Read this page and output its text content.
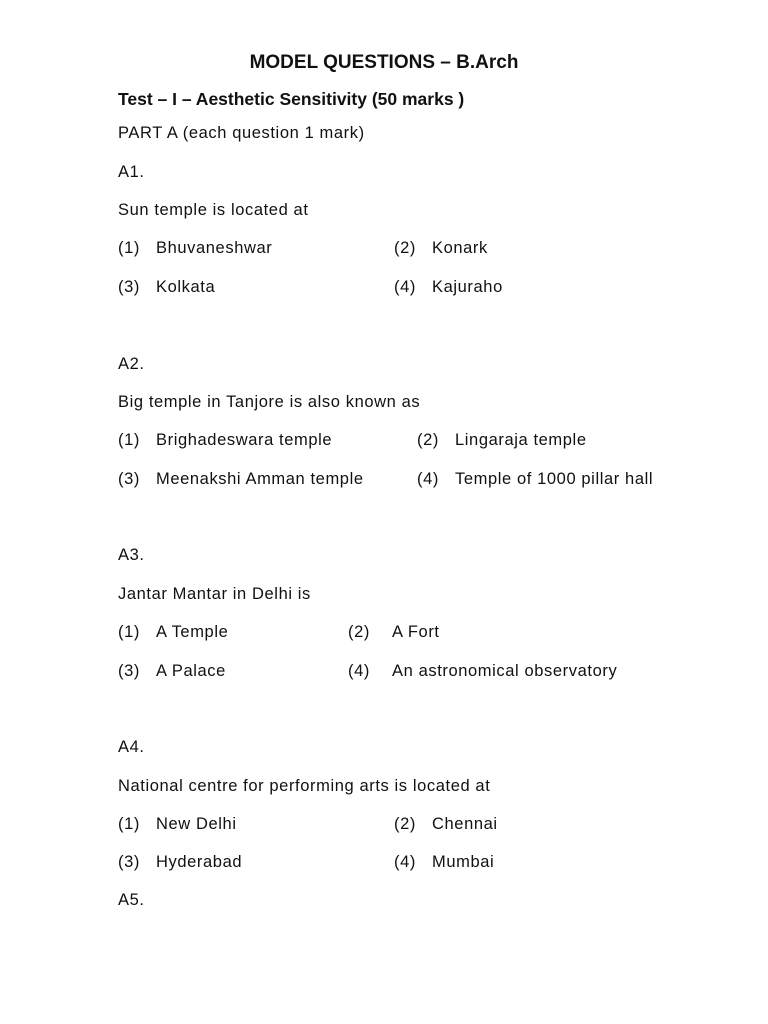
MODEL QUESTIONS – B.Arch
Test – I – Aesthetic Sensitivity (50 marks )
PART A (each question 1 mark)
A1.
Sun temple is located at
(1) Bhuvaneshwar	(2) Konark
(3) Kolkata	(4) Kajuraho
A2.
Big temple in Tanjore is also known as
(1) Brighadeswara temple	(2) Lingaraja temple
(3) Meenakshi Amman temple	(4) Temple of 1000 pillar hall
A3.
Jantar Mantar in Delhi is
(1) A Temple	(2) A Fort
(3) A Palace	(4) An astronomical observatory
A4.
National centre for performing arts is located at
(1) New Delhi	(2) Chennai
(3) Hyderabad	(4) Mumbai
A5.
